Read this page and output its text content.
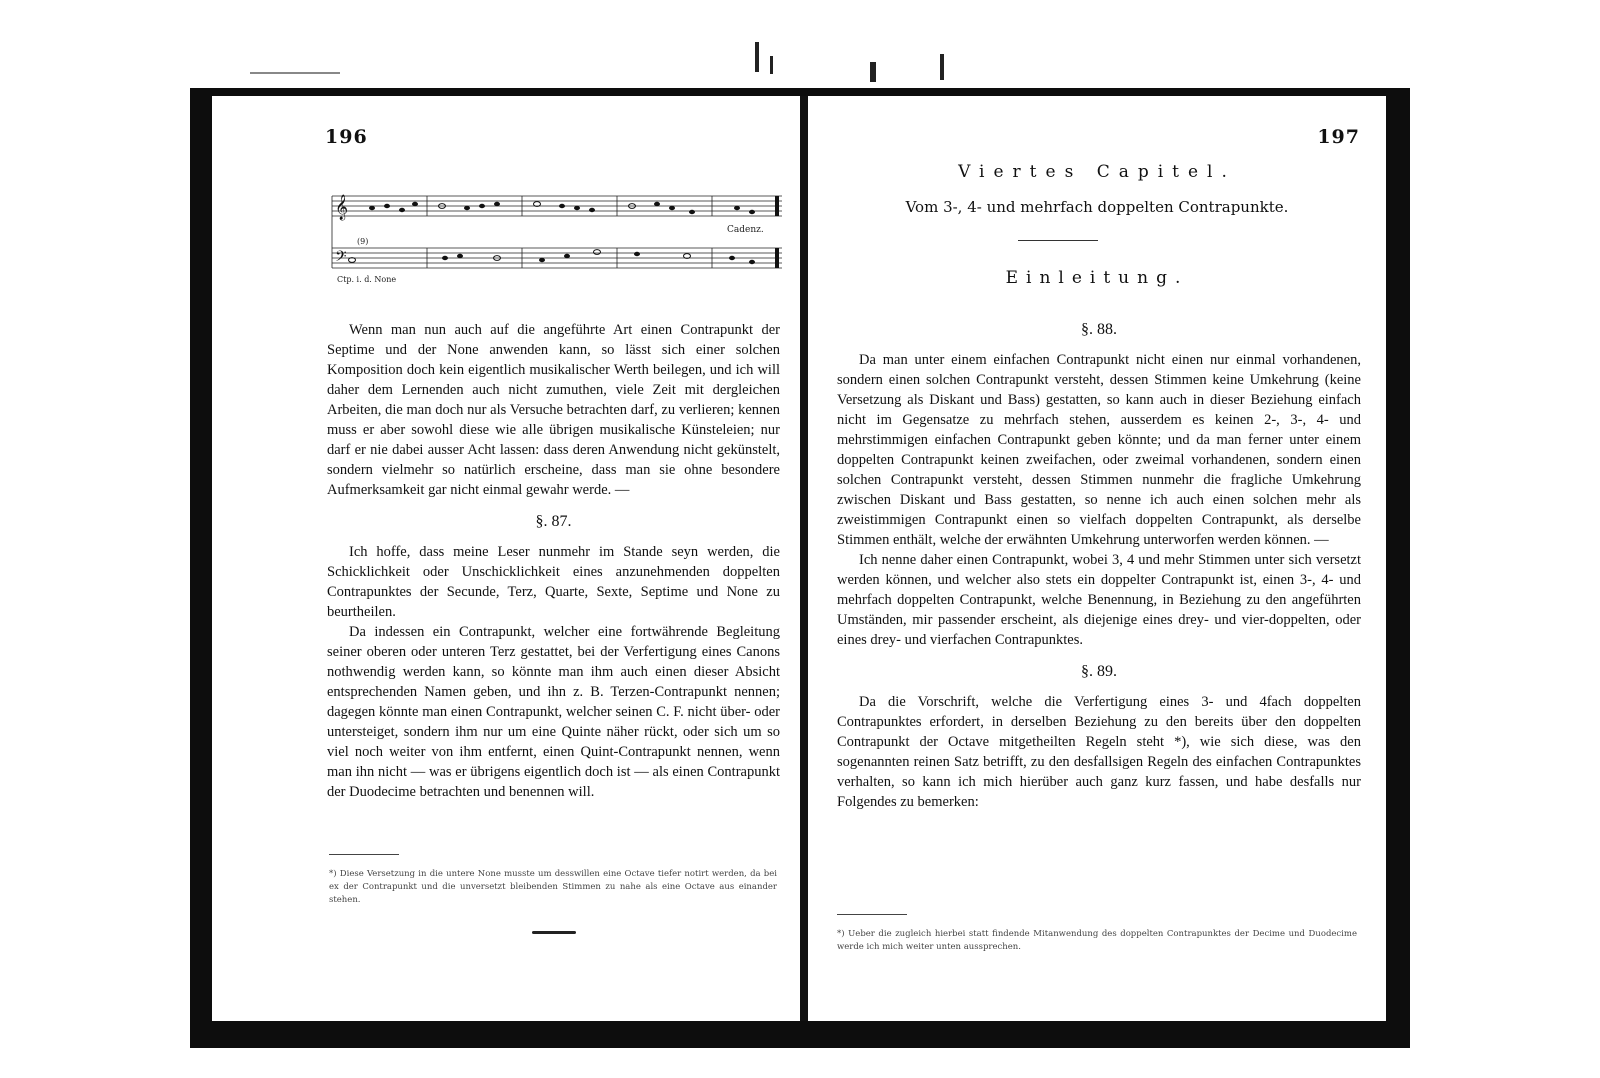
196
𝄞
𝄢
Cadenz.
(9)
Ctp. i. d. None

Wenn man nun auch auf die angeführte Art einen Contrapunkt der Septime und der None anwenden kann, so lässt sich einer solchen Komposition doch kein eigentlich musikalischer Werth beilegen, und ich will daher dem Lernenden auch nicht zumuthen, viele Zeit mit dergleichen Arbeiten, die man doch nur als Versuche betrachten darf, zu verlieren; kennen muss er aber sowohl diese wie alle übrigen musikalische Künsteleien; nur darf er nie dabei ausser Acht lassen: dass deren Anwendung nicht gekünstelt, sondern vielmehr so natürlich erscheine, dass man sie ohne besondere Aufmerksamkeit gar nicht einmal gewahr werde. —

§. 87.

Ich hoffe, dass meine Leser nunmehr im Stande seyn werden, die Schicklichkeit oder Unschicklichkeit eines anzunehmenden doppelten Contrapunktes der Secunde, Terz, Quarte, Sexte, Septime und None zu beurtheilen.

Da indessen ein Contrapunkt, welcher eine fortwährende Begleitung seiner oberen oder unteren Terz gestattet, bei der Verfertigung eines Canons nothwendig werden kann, so könnte man ihm auch einen dieser Absicht entsprechenden Namen geben, und ihn z. B. Terzen-Contrapunkt nennen; dagegen könnte man einen Contrapunkt, welcher seinen C. F. nicht über- oder untersteiget, sondern ihm nur um eine Quinte näher rückt, oder sich um so viel noch weiter von ihm entfernt, einen Quint-Contrapunkt nennen, wenn man ihn nicht — was er übrigens eigentlich doch ist — als einen Contrapunkt der Duodecime betrachten und benennen will.

*) Diese Versetzung in die untere None musste um desswillen eine Octave tiefer notirt werden, da bei ex der Contrapunkt und die unversetzt bleibenden Stimmen zu nahe als eine Octave aus einander stehen.
197
Viertes Capitel.
Vom 3-, 4- und mehrfach doppelten Contrapunkte.
Einleitung.
§. 88.

Da man unter einem einfachen Contrapunkt nicht einen nur einmal vorhandenen, sondern einen solchen Contrapunkt versteht, dessen Stimmen keine Umkehrung (keine Versetzung als Diskant und Bass) gestatten, so kann auch in dieser Beziehung einfach nicht im Gegensatze zu mehrfach stehen, ausserdem es keinen 2-, 3-, 4- und mehrstimmigen einfachen Contrapunkt geben könnte; und da man ferner unter einem doppelten Contrapunkt keinen zweifachen, oder zweimal vorhandenen, sondern einen solchen Contrapunkt versteht, dessen Stimmen nunmehr die fragliche Umkehrung zwischen Diskant und Bass gestatten, so nenne ich auch einen solchen mehr als zweistimmigen Contrapunkt einen so vielfach doppelten Contrapunkt, als derselbe Stimmen enthält, welche der erwähnten Umkehrung unterworfen werden können. —

Ich nenne daher einen Contrapunkt, wobei 3, 4 und mehr Stimmen unter sich versetzt werden können, und welcher also stets ein doppelter Contrapunkt ist, einen 3-, 4- und mehrfach doppelten Contrapunkt, welche Benennung, in Beziehung zu den angeführten Umständen, mir passender erscheint, als diejenige eines drey- und vier-doppelten, oder eines drey- und vierfachen Contrapunktes.

§. 89.

Da die Vorschrift, welche die Verfertigung eines 3- und 4fach doppelten Contrapunktes erfordert, in derselben Beziehung zu den bereits über den doppelten Contrapunkt der Octave mitgetheilten Regeln steht *), wie sich diese, was den sogenannten reinen Satz betrifft, zu den desfallsigen Regeln des einfachen Contrapunktes verhalten, so kann ich mich hierüber auch ganz kurz fassen, und habe desfalls nur Folgendes zu bemerken:

*) Ueber die zugleich hierbei statt findende Mitanwendung des doppelten Contrapunktes der Decime und Duodecime werde ich mich weiter unten aussprechen.
